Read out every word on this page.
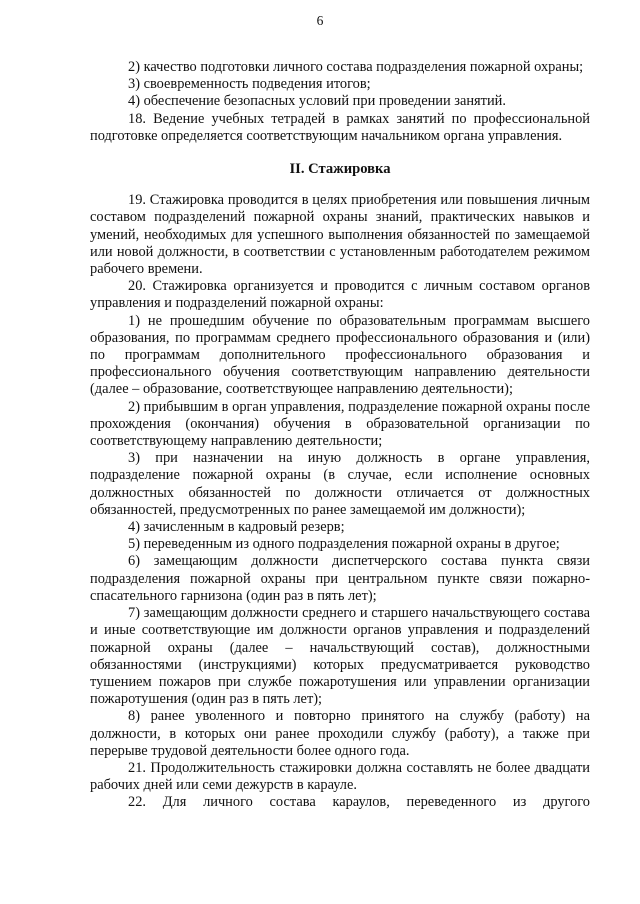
6

2) качество подготовки личного состава подразделения пожарной охраны;

3) своевременность подведения итогов;

4) обеспечение безопасных условий при проведении занятий.

18. Ведение учебных тетрадей в рамках занятий по профессиональной подготовке определяется соответствующим начальником органа управления.

II. Стажировка

19. Стажировка проводится в целях приобретения или повышения личным составом подразделений пожарной охраны знаний, практических навыков и умений, необходимых для успешного выполнения обязанностей по замещаемой или новой должности, в соответствии с установленным работодателем режимом рабочего времени.

20. Стажировка организуется и проводится с личным составом органов управления и подразделений пожарной охраны:

1) не прошедшим обучение по образовательным программам высшего образования, по программам среднего профессионального образования и (или) по программам дополнительного профессионального образования и профессионального обучения соответствующим направлению деятельности (далее – образование, соответствующее направлению деятельности);

2) прибывшим в орган управления, подразделение пожарной охраны после прохождения (окончания) обучения в образовательной организации по соответствующему направлению деятельности;

3) при назначении на иную должность в органе управления, подразделение пожарной охраны (в случае, если исполнение основных должностных обязанностей по должности отличается от должностных обязанностей, предусмотренных по ранее замещаемой им должности);

4) зачисленным в кадровый резерв;

5) переведенным из одного подразделения пожарной охраны в другое;

6) замещающим должности диспетчерского состава пункта связи подразделения пожарной охраны при центральном пункте связи пожарно-спасательного гарнизона (один раз в пять лет);

7) замещающим должности среднего и старшего начальствующего состава и иные соответствующие им должности органов управления и подразделений пожарной охраны (далее – начальствующий состав), должностными обязанностями (инструкциями) которых предусматривается руководство тушением пожаров при службе пожаротушения или управлении организации пожаротушения (один раз в пять лет);

8) ранее уволенного и повторно принятого на службу (работу) на должности, в которых они ранее проходили службу (работу), а также при перерыве трудовой деятельности более одного года.

21. Продолжительность стажировки должна составлять не более двадцати рабочих дней или семи дежурств в карауле.

22. Для личного состава караулов, переведенного из другого
